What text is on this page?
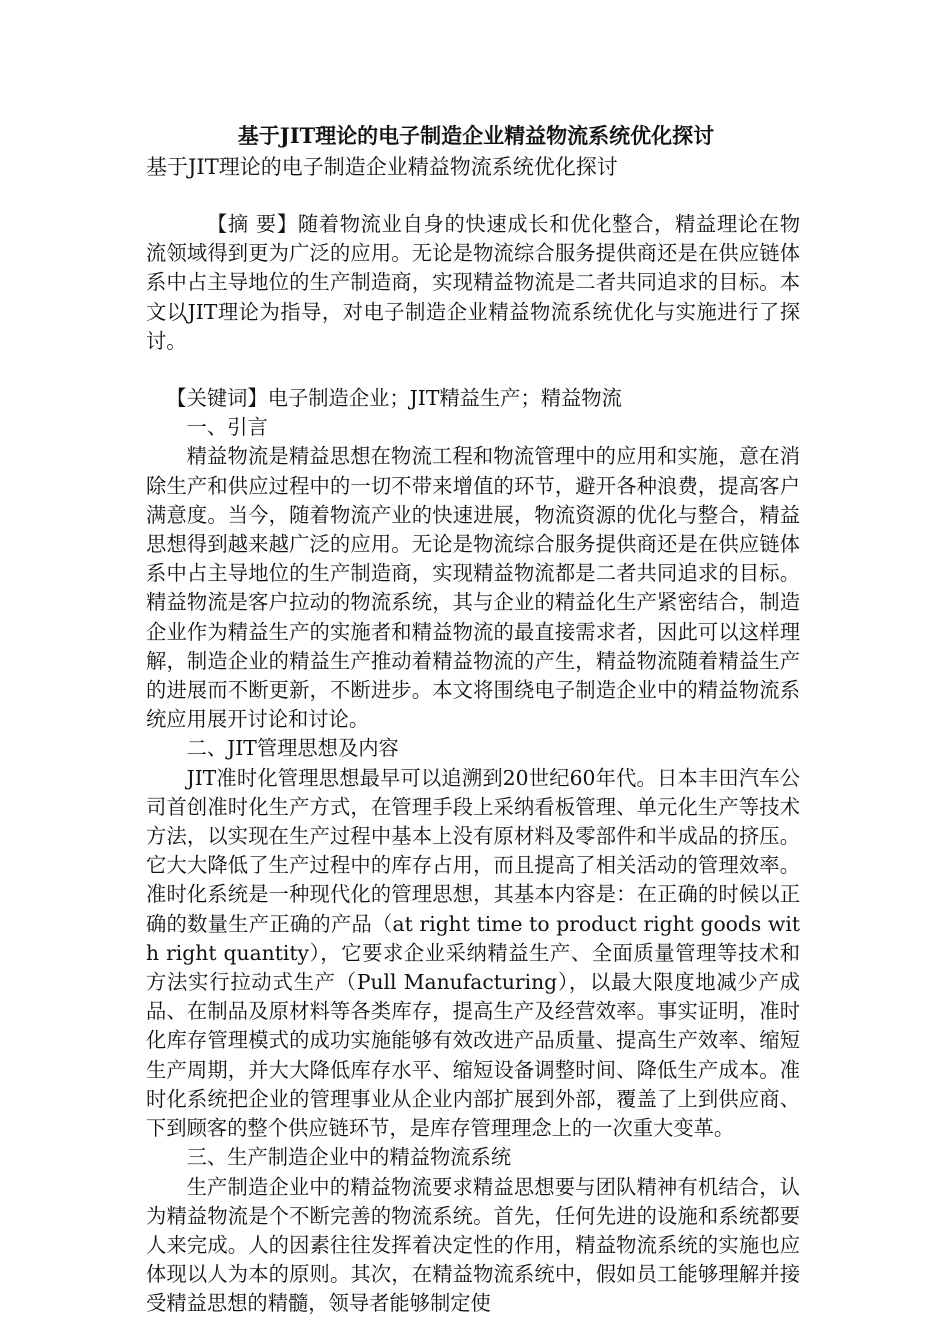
基于JIT理论的电子制造企业精益物流系统优化探讨

基于JIT理论的电子制造企业精益物流系统优化探讨

【摘 要】随着物流业自身的快速成长和优化整合，精益理论在物流领域得到更为广泛的应用。无论是物流综合服务提供商还是在供应链体系中占主导地位的生产制造商，实现精益物流是二者共同追求的目标。本文以JIT理论为指导，对电子制造企业精益物流系统优化与实施进行了探讨。

【关键词】电子制造企业；JIT精益生产；精益物流

一、引言

精益物流是精益思想在物流工程和物流管理中的应用和实施，意在消除生产和供应过程中的一切不带来增值的环节，避开各种浪费，提高客户满意度。当今，随着物流产业的快速进展，物流资源的优化与整合，精益思想得到越来越广泛的应用。无论是物流综合服务提供商还是在供应链体系中占主导地位的生产制造商，实现精益物流都是二者共同追求的目标。精益物流是客户拉动的物流系统，其与企业的精益化生产紧密结合，制造企业作为精益生产的实施者和精益物流的最直接需求者，因此可以这样理解，制造企业的精益生产推动着精益物流的产生，精益物流随着精益生产的进展而不断更新，不断进步。本文将围绕电子制造企业中的精益物流系统应用展开讨论和讨论。

二、JIT管理思想及内容

JIT准时化管理思想最早可以追溯到20世纪60年代。日本丰田汽车公司首创准时化生产方式，在管理手段上采纳看板管理、单元化生产等技术方法，以实现在生产过程中基本上没有原材料及零部件和半成品的挤压。它大大降低了生产过程中的库存占用，而且提高了相关活动的管理效率。准时化系统是一种现代化的管理思想，其基本内容是：在正确的时候以正确的数量生产正确的产品（at right time to product right goods with right quantity），它要求企业采纳精益生产、全面质量管理等技术和方法实行拉动式生产（Pull Manufacturing），以最大限度地减少产成品、在制品及原材料等各类库存，提高生产及经营效率。事实证明，准时化库存管理模式的成功实施能够有效改进产品质量、提高生产效率、缩短生产周期，并大大降低库存水平、缩短设备调整时间、降低生产成本。准时化系统把企业的管理事业从企业内部扩展到外部，覆盖了上到供应商、下到顾客的整个供应链环节，是库存管理理念上的一次重大变革。

三、生产制造企业中的精益物流系统

生产制造企业中的精益物流要求精益思想要与团队精神有机结合，认为精益物流是个不断完善的物流系统。首先，任何先进的设施和系统都要人来完成。人的因素往往发挥着决定性的作用，精益物流系统的实施也应体现以人为本的原则。其次，在精益物流系统中，假如员工能够理解并接受精益思想的精髓，领导者能够制定使
